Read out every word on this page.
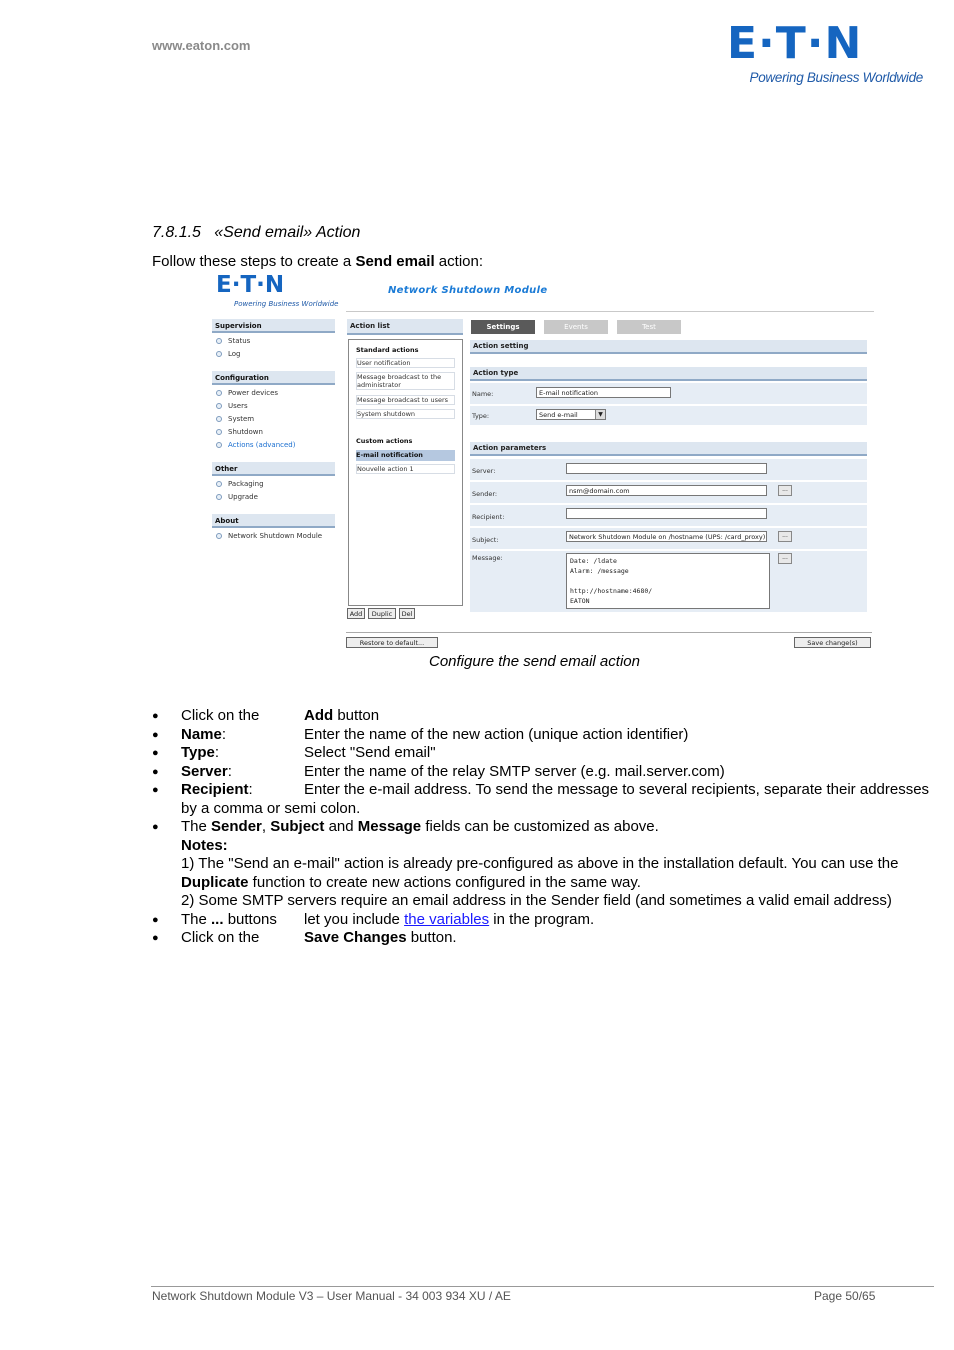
www.eaton.com	E·T·N
Powering Business Worldwide
7.8.1.5 «Send email» Action
Follow these steps to create a Send email action:
E·T·N
Powering Business Worldwide
Network Shutdown Module
Supervision
Status
Log
Configuration
Power devices
Users
System
Shutdown
Actions (advanced)
Other
Packaging
Upgrade
About
Network Shutdown Module
Action list
Standard actions
User notification
Message broadcast to the administrator
Message broadcast to users
System shutdown
Custom actions
E-mail notification
Nouvelle action 1
Add	Duplic	Del
Settings	Events	Test
Action setting
Action type
Name:	E-mail notification
Type:	Send e-mail	▼
Action parameters
Server:
Sender:	nsm@domain.com	...
Recipient:
Subject:	Network Shutdown Module on /hostname (UPS: /card_proxy)	...
Message:	Date: /ldate
Alarm: /message

http://hostname:4680/
EATON
...
Restore to default...	Save change(s)
Configure the send email action
● Click on the	Add button
● Name:	Enter the name of the new action (unique action identifier)
● Type:	Select "Send email"
● Server:	Enter the name of the relay SMTP server (e.g. mail.server.com)
● Recipient:	Enter the e-mail address. To send the message to several recipients, separate their addresses by a comma or semi colon.
● The Sender, Subject and Message fields can be customized as above.
Notes:
1) The "Send an e-mail" action is already pre-configured as above in the installation default. You can use the Duplicate function to create new actions configured in the same way.
2) Some SMTP servers require an email address in the Sender field (and sometimes a valid email address)
● The ... buttons let you include the variables in the program.
● Click on the	Save Changes button.
Network Shutdown Module V3 – User Manual - 34 003 934 XU / AE	Page 50/65
